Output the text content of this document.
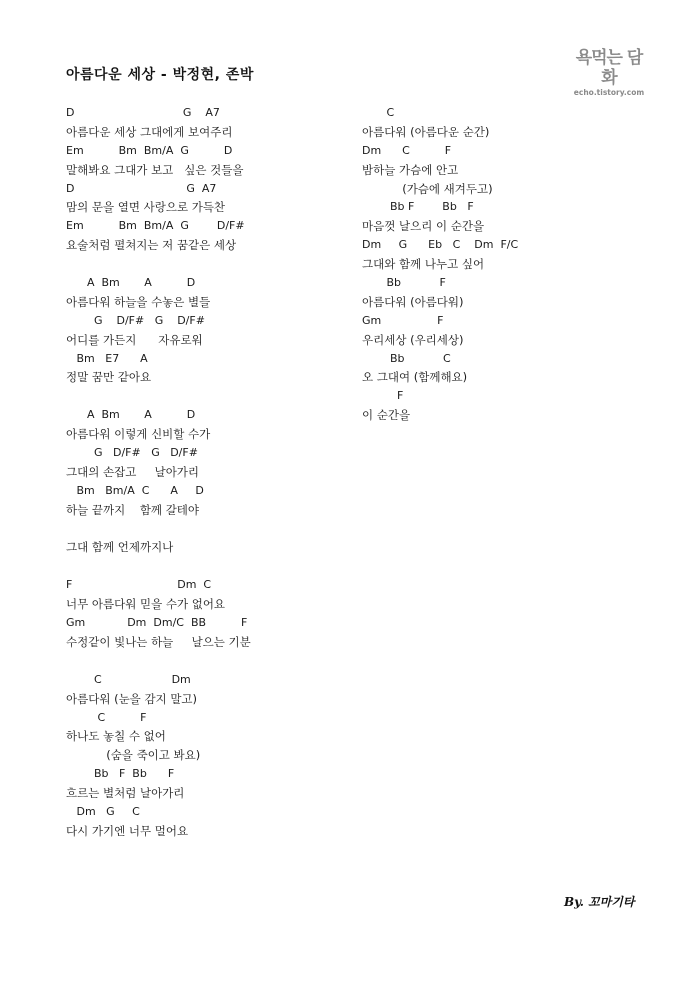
아름다운 세상 - 박정현, 존박
욕먹는 담화
echo.tistory.com
D                               G    A7
아름다운 세상 그대에게 보여주리
Em          Bm  Bm/A  G          D
말해봐요 그대가 보고   싶은 것들을
D                                G  A7
맘의 문을 열면 사랑으로 가득찬
Em          Bm  Bm/A  G        D/F#
요술처럼 펼쳐지는 저 꿈같은 세상
A  Bm       A          D
아름다워 하늘을 수놓은 별들
G    D/F#   G    D/F#
어디를 가든지      자유로워
Bm   E7      A
정말 꿈만 같아요
A  Bm       A          D
아름다워 이렇게 신비할 수가
G   D/F#   G   D/F#
그대의 손잡고     날아가리
Bm   Bm/A  C      A     D
하늘 끝까지    함께 갈테야
그대 함께 언제까지나
F                              Dm  C
너무 아름다워 믿을 수가 없어요
Gm            Dm  Dm/C  BB          F
수정같이 빛나는 하늘     날으는 기분
C                    Dm
아름다워 (눈을 감지 말고)
C          F
하나도 놓칠 수 없어
(숨을 죽이고 봐요)
Bb   F  Bb      F
흐르는 별처럼 날아가리
Dm   G     C
다시 가기엔 너무 멀어요
C
아름다워 (아름다운 순간)
Dm      C          F
밤하늘 가슴에 안고
(가슴에 새겨두고)
Bb F        Bb   F
마음껏 날으리 이 순간을
Dm     G      Eb   C    Dm  F/C
그대와 함께 나누고 싶어
Bb           F
아름다워 (아름다워)
Gm                F
우리세상 (우리세상)
Bb           C
오 그대여 (함께해요)
F
이 순간을
By. 꼬마기타
